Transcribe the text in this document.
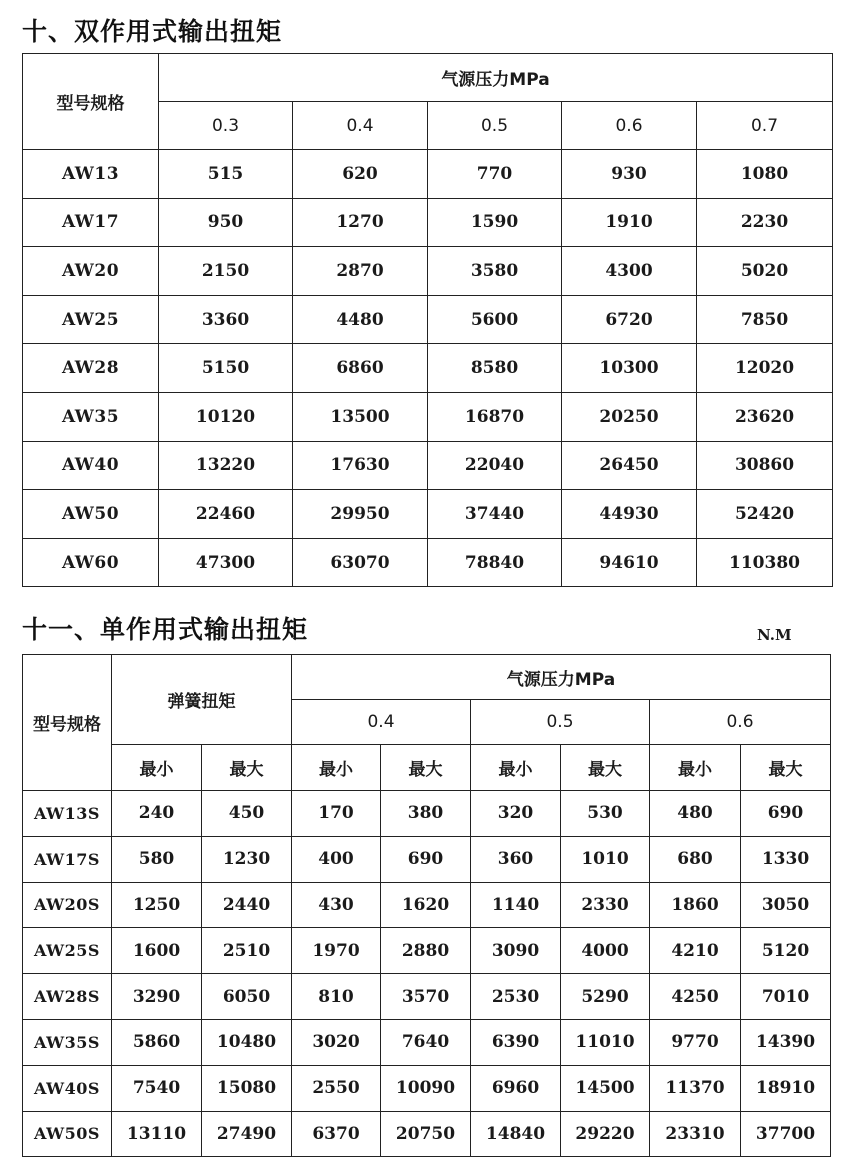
十、双作用式输出扭矩
型号规格	气源压力MPa				
	0.3	0.4	0.5	0.6	0.7
AW13	515	620	770	930	1080
AW17	950	1270	1590	1910	2230
AW20	2150	2870	3580	4300	5020
AW25	3360	4480	5600	6720	7850
AW28	5150	6860	8580	10300	12020
AW35	10120	13500	16870	20250	23620
AW40	13220	17630	22040	26450	30860
AW50	22460	29950	37440	44930	52420
AW60	47300	63070	78840	94610	110380
十一、单作用式输出扭矩	N.M
型号规格	弹簧扭矩		气源压力MPa					
			0.4		0.5		0.6	
	最小	最大	最小	最大	最小	最大	最小	最大
AW13S	240	450	170	380	320	530	480	690
AW17S	580	1230	400	690	360	1010	680	1330
AW20S	1250	2440	430	1620	1140	2330	1860	3050
AW25S	1600	2510	1970	2880	3090	4000	4210	5120
AW28S	3290	6050	810	3570	2530	5290	4250	7010
AW35S	5860	10480	3020	7640	6390	11010	9770	14390
AW40S	7540	15080	2550	10090	6960	14500	11370	18910
AW50S	13110	27490	6370	20750	14840	29220	23310	37700
